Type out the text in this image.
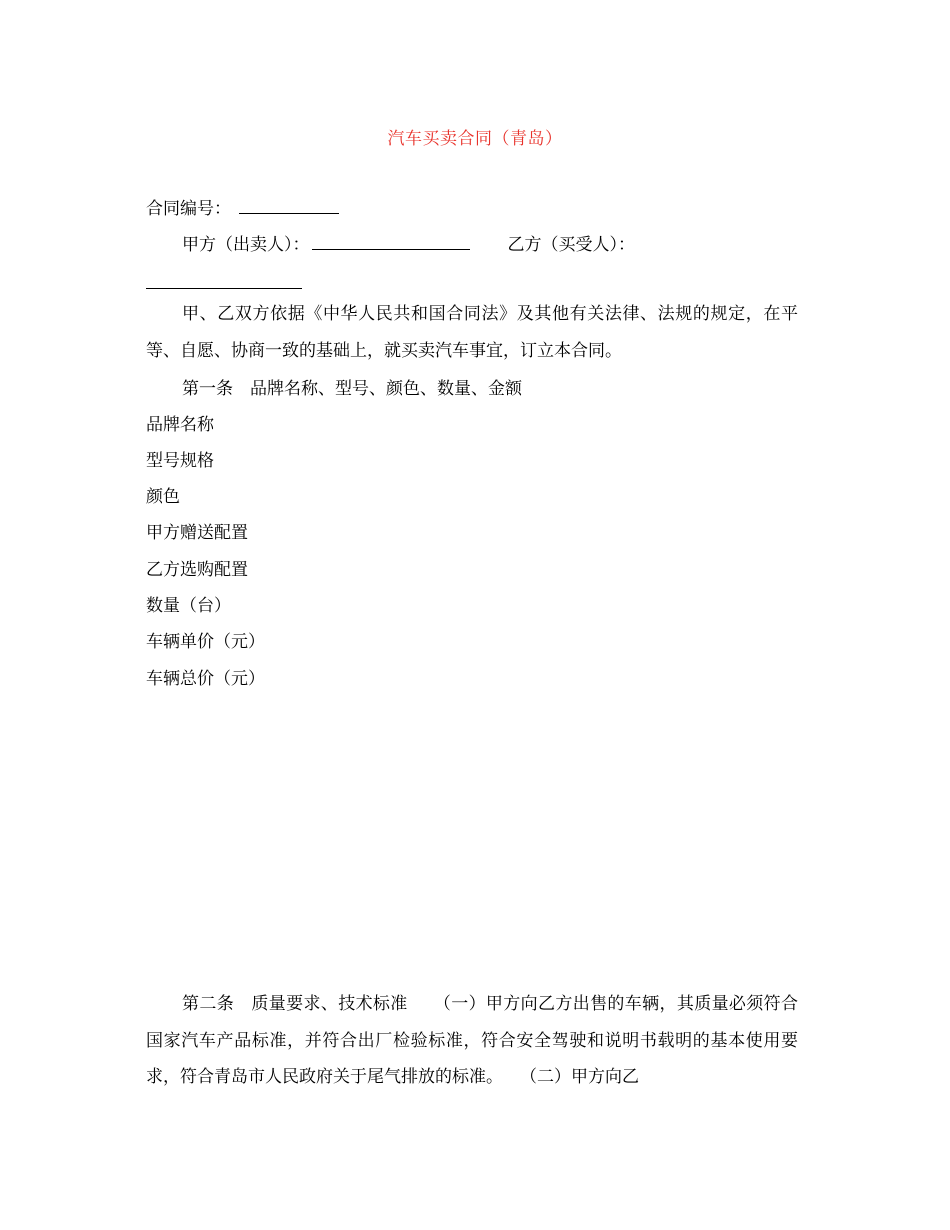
汽车买卖合同（青岛）
合同编号：
甲方（出卖人）：	乙方（买受人）：
甲、乙双方依据《中华人民共和国合同法》及其他有关法律、法规的规定，在平等、自愿、协商一致的基础上，就买卖汽车事宜，订立本合同。
第一条　品牌名称、型号、颜色、数量、金额
品牌名称
型号规格
颜色
甲方赠送配置
乙方选购配置
数量（台）
车辆单价（元）
车辆总价（元）
第二条　质量要求、技术标准　　（一）甲方向乙方出售的车辆，其质量必须符合国家汽车产品标准，并符合出厂检验标准，符合安全驾驶和说明书载明的基本使用要求，符合青岛市人民政府关于尾气排放的标准。　　（二）甲方向乙
